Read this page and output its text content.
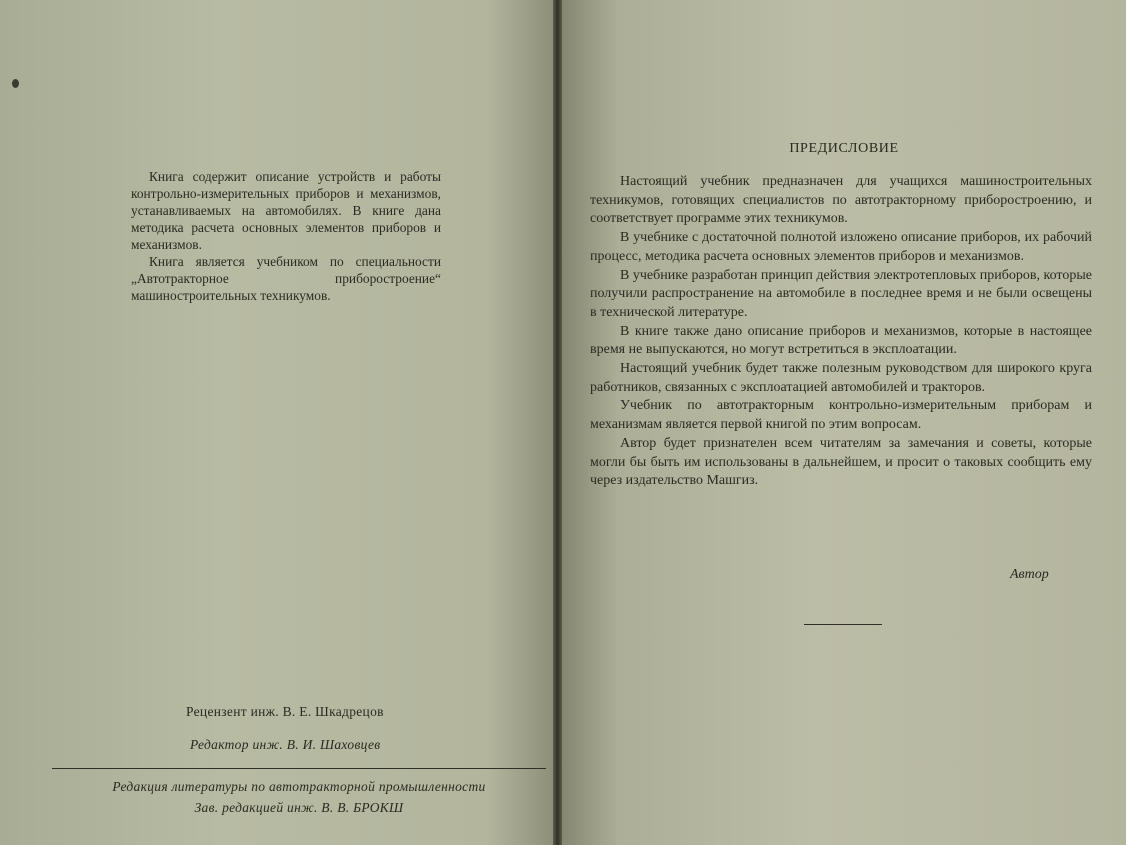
Книга содержит описание устройств и работы контрольно-измерительных приборов и механизмов, устанавливаемых на автомобилях. В книге дана методика расчета основных элементов приборов и механизмов.

Книга является учебником по специальности „Автотракторное приборостроение“ машиностроительных техникумов.

Рецензент инж. В. Е. Шкадрецов
Редактор инж. В. И. Шаховцев
Редакция литературы по автотракторной промышленности
Зав. редакцией инж. В. В. БРОКШ
ПРЕДИСЛОВИЕ

Настоящий учебник предназначен для учащихся машиностроительных техникумов, готовящих специалистов по автотракторному приборостроению, и соответствует программе этих техникумов.

В учебнике с достаточной полнотой изложено описание приборов, их рабочий процесс, методика расчета основных элементов приборов и механизмов.

В учебнике разработан принцип действия электротепловых приборов, которые получили распространение на автомобиле в последнее время и не были освещены в технической литературе.

В книге также дано описание приборов и механизмов, которые в настоящее время не выпускаются, но могут встретиться в эксплоатации.

Настоящий учебник будет также полезным руководством для широкого круга работников, связанных с эксплоатацией автомобилей и тракторов.

Учебник по автотракторным контрольно-измерительным приборам и механизмам является первой книгой по этим вопросам.

Автор будет признателен всем читателям за замечания и советы, которые могли бы быть им использованы в дальнейшем, и просит о таковых сообщить ему через издательство Машгиз.

Автор
